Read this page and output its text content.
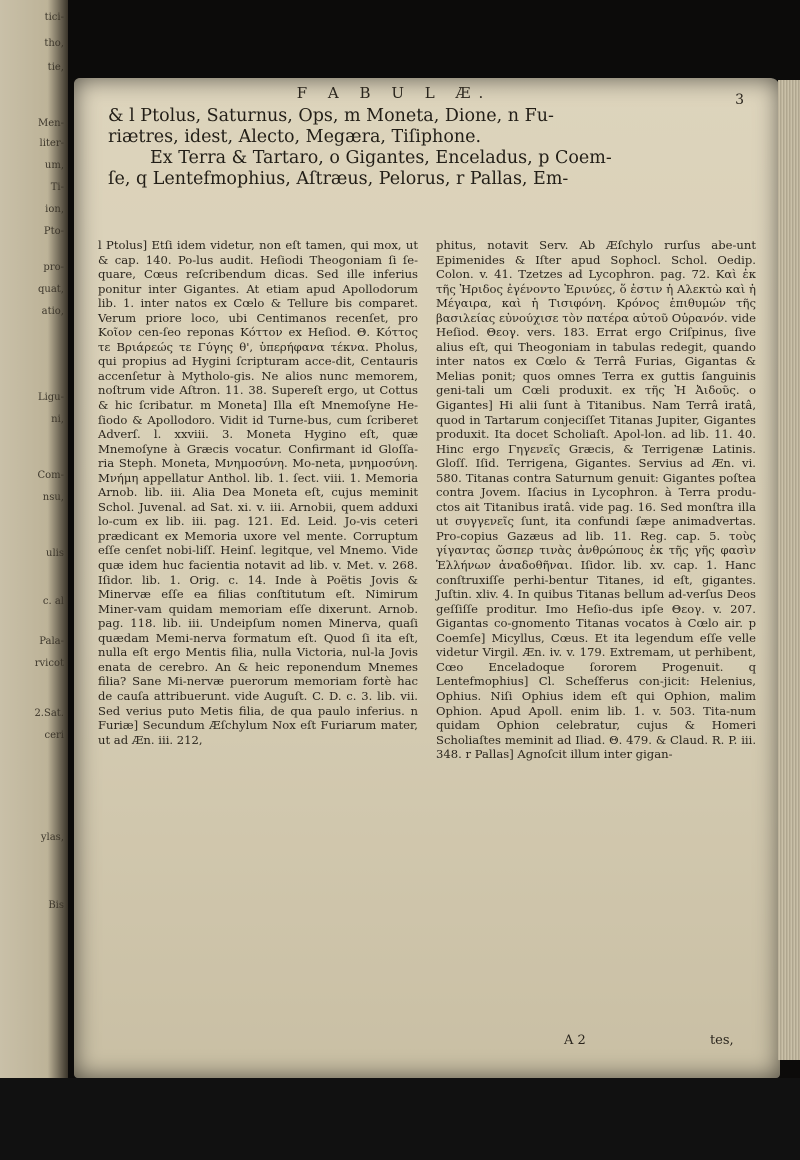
tici-
tho,
tie,
Men-
liter-
um,
Ti-
ion,
Pto-
pro-
quat,
atio,
Ligu-
ni,
Com-
nsu,
ulis
c. al
Pala-
rvicot
2.Sat.
ceri
ylas,
Bis
F A B U L Æ.	3
& l Ptolus, Saturnus, Ops, m Moneta, Dione, n Fu-
riætres, idest, Alecto, Megæra, Tiſiphone.
Ex Terra & Tartaro, o Gigantes, Enceladus, p Coem-
ſe, q Lentefmophius, Aſtræus, Pelorus, r Pallas, Em-

l Ptolus] Etſi idem videtur, non eſt tamen, qui mox, ut & cap. 140. Po-lus audit. Heſiodi Theogoniam ſi ſe-quare, Cœus reſcribendum dicas. Sed ille inferius ponitur inter Gigantes. At etiam apud Apollodorum lib. 1. inter natos ex Cœlo & Tellure bis comparet. Verum priore loco, ubi Centimanos recenſet, pro Κοῖον cen-ſeo reponas Κόττον ex Heſiod. Θ. Κόττος τε Βριάρεώς τε Γύγης θ', ὑπερήφανα τέκνα. Pholus, qui propius ad Hygini ſcripturam acce-dit, Centauris accenſetur à Mytholo-gis. Ne alios nunc memorem, noſtrum vide Aſtron. 11. 38. Supereſt ergo, ut Cottus & hic ſcribatur. m Moneta] Illa eſt Mnemoſyne He-ſiodo & Apollodoro. Vidit id Turne-bus, cum ſcriberet Adverſ. l. xxviii. 3. Moneta Hygino eſt, quæ Mnemoſyne à Græcis vocatur. Confirmant id Gloſſa-ria Steph. Moneta, Μνημοσύνη. Mo-neta, μνημοσύνη. Μνήμη appellatur Anthol. lib. 1. ſect. viii. 1. Memoria Arnob. lib. iii. Alia Dea Moneta eſt, cujus meminit Schol. Juvenal. ad Sat. xi. v. iii. Arnobii, quem adduxi lo-cum ex lib. iii. pag. 121. Ed. Leid. Jo-vis ceteri prædicant ex Memoria uxore vel mente. Corruptum eſſe cenſet nobi-liſſ. Heinſ. legitque, vel Mnemo. Vide quæ idem huc facientia notavit ad lib. v. Met. v. 268. Iſidor. lib. 1. Orig. c. 14. Inde à Poëtis Jovis & Minervæ eſſe ea filias conſtitutum eſt. Nimirum Miner-vam quidam memoriam eſſe dixerunt. Arnob. pag. 118. lib. iii. Undeipſum nomen Minerva, quaſi quædam Memi-nerva formatum eſt. Quod ſi ita eſt, nulla eſt ergo Mentis filia, nulla Victoria, nul-la Jovis enata de cerebro. An & heic reponendum Mnemes filia? Sane Mi-nervæ puerorum memoriam fortè hac de cauſa attribuerunt. vide Auguſt. C. D. c. 3. lib. vii. Sed verius puto Metis filia, de qua paulo inferius. n Furiæ] Secundum Æſchylum Nox eſt Furiarum mater, ut ad Æn. iii. 212,

phitus, notavit Serv. Ab Æſchylo rurſus abe-unt Epimenides & Iſter apud Sophocl. Schol. Oedip. Colon. v. 41. Tzetzes ad Lycophron. pag. 72. Καὶ ἐκ τῆς Ἠριδος ἐγένοντο Ἐρινύες, ὅ ἐστιν ἡ Αλεκτὼ καὶ ἡ Μέγαιρα, καὶ ἡ Τισιφόνη. Κρόνος ἐπιθυμών τῆς βασιλείας εὐνούχισε τὸν πατέρα αὐτοῦ Οὐρανόν. vide Heſiod. Θεογ. vers. 183. Errat ergo Criſpinus, ſive alius eſt, qui Theogoniam in tabulas redegit, quando inter natos ex Cœlo & Terrâ Furias, Gigantas & Melias ponit; quos omnes Terra ex guttis ſanguinis geni-tali um Cœli produxit. ex τῆς Ἠ Ἀιδοῦς. o Gigantes] Hi alii ſunt à Titanibus. Nam Terrâ iratâ, quod in Tartarum conjeciſſet Titanas Jupiter, Gigantes produxit. Ita docet Scholiaſt. Apol-lon. ad lib. 11. 40. Hinc ergo Γηγενεῖς Græcis, & Terrigenæ Latinis. Gloſſ. Iſid. Terrigena, Gigantes. Servius ad Æn. vi. 580. Titanas contra Saturnum genuit: Gigantes poſtea contra Jovem. Iſacius in Lycophron. à Terra produ-ctos ait Titanibus iratâ. vide pag. 16. Sed monſtra illa ut συγγενεῖς ſunt, ita confundi ſæpe animadvertas. Pro-copius Gazæus ad lib. 11. Reg. cap. 5. τοὺς γίγαντας ὥσπερ τινὰς ἀνθρώπους ἐκ τῆς γῆς φασὶν Ἑλλήνων ἀναδοθῆναι. Iſidor. lib. xv. cap. 1. Hanc conſtruxiſſe perhi-bentur Titanes, id eſt, gigantes. Juſtin. xliv. 4. In quibus Titanas bellum ad-verſus Deos geſſiſſe proditur. Imo Heſio-dus ipſe Θεογ. v. 207. Gigantas co-gnomento Titanas vocatos à Cœlo air. p Coemſe] Micyllus, Cœus. Et ita legendum eſſe velle videtur Virgil. Æn. iv. v. 179. Extremam, ut perhibent, Cœo Enceladoque ſororem Progenuit. q Lentefmophius] Cl. Scheſferus con-jicit: Helenius, Ophius. Niſi Ophius idem eſt qui Ophion, malim Ophion. Apud Apoll. enim lib. 1. v. 503. Tita-num quidam Ophion celebratur, cujus & Homeri Scholiaſtes meminit ad Iliad. Θ. 479. & Claud. R. P. iii. 348. r Pallas] Agnoſcit illum inter gigan-

A 2	tes,
